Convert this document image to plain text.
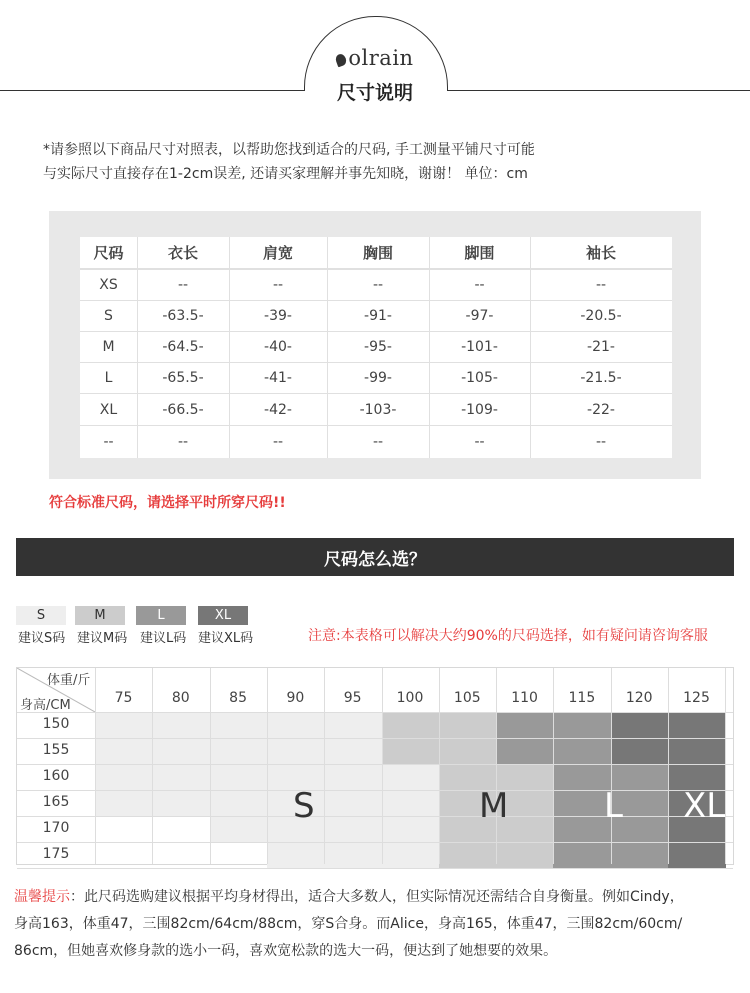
olrain
尺寸说明
*请参照以下商品尺寸对照表，以帮助您找到适合的尺码, 手工测量平铺尺寸可能
与实际尺寸直接存在1-2cm误差, 还请买家理解并事先知晓，谢谢！ 单位：cm
尺码	衣长	肩宽	胸围	脚围	袖长
XS	--	--	--	--	--
S	-63.5-	-39-	-91-	-97-	-20.5-
M	-64.5-	-40-	-95-	-101-	-21-
L	-65.5-	-41-	-99-	-105-	-21.5-
XL	-66.5-	-42-	-103-	-109-	-22-
--	--	--	--	--	--
符合标准尺码，请选择平时所穿尺码!!
尺码怎么选？
S
建议S码
M
建议M码
L
建议L码
XL
建议XL码	注意:本表格可以解决大约90%的尺码选择，如有疑问请咨询客服
体重/斤
身高/CM	75	80	85	90	95	100	105	110	115	120	125
150
155
160
165
170
175
S	M	L XL
温馨提示：此尺码选购建议根据平均身材得出，适合大多数人，但实际情况还需结合自身衡量。例如Cindy，
身高163，体重47，三围82cm/64cm/88cm，穿S合身。而Alice，身高165，体重47，三围82cm/60cm/
86cm，但她喜欢修身款的选小一码，喜欢宽松款的选大一码，便达到了她想要的效果。
